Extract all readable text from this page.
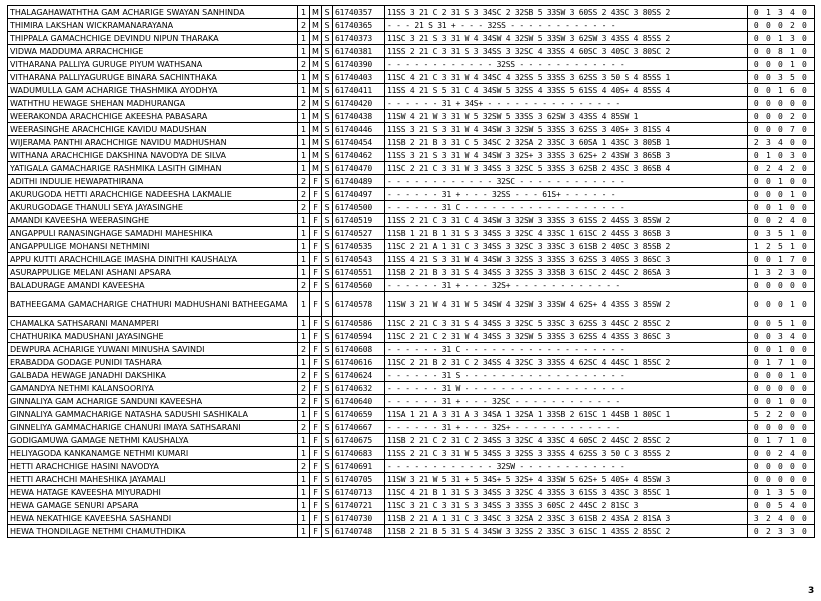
THALAGAHAWATHTHA GAM ACHARIGE SWAYAN SANHINDA	1	M	S	61740357	11SS 3 21 C 2 31 S 3 34SC 2 32SB 5 33SW 3 60SS 2 43SC 3 80SS 2	0 1 3 4 0
THIMIRA LAKSHAN WICKRAMANARAYANA	2	M	S	61740365	- - - 21 S 31 + - - - 32SS - - - - - - - - - - - -	0 0 0 2 0
THIPPALA GAMACHCHIGE DEVINDU NIPUN THARAKA	1	M	S	61740373	11SC 3 21 S 3 31 W 4 34SW 4 32SW 5 33SW 3 62SW 3 43SS 4 85SS 2	0 0 1 3 0
VIDWA MADDUMA ARRACHCHIGE	1	M	S	61740381	11SS 2 21 C 3 31 S 3 34SS 3 32SC 4 33SS 4 60SC 3 40SC 3 80SC 2	0 0 8 1 0
VITHARANA PALLIYA GURUGE PIYUM WATHSANA	2	M	S	61740390	- - - - - - - - - - - - 32SS - - - - - - - - - - - -	0 0 0 1 0
VITHARANA PALLIYAGURUGE BINARA SACHINTHAKA	1	M	S	61740403	11SC 4 21 C 3 31 W 4 34SC 4 32SS 5 33SS 3 62SS 3 50 S 4 85SS 1	0 0 3 5 0
WADUMULLA GAM ACHARIGE THASHMIKA AYODHYA	1	M	S	61740411	11SS 4 21 S 5 31 C 4 34SW 5 32SS 4 33SS 5 61SS 4 40S+ 4 85SS 4	0 0 1 6 0
WATHTHU HEWAGE SHEHAN MADHURANGA	2	M	S	61740420	- - - - - - 31 + 34S+ - - - - - - - - - - - - - - -	0 0 0 0 0
WEERAKONDA ARACHCHIGE AKEESHA PABASARA	1	M	S	61740438	11SW 4 21 W 3 31 W 5 32SW 5 33SS 3 62SW 3 43SS 4 85SW 1	0 0 0 2 0
WEERASINGHE ARACHCHIGE KAVIDU MADUSHAN	1	M	S	61740446	11SS 3 21 S 3 31 W 4 34SW 3 32SW 5 33SS 3 62SS 3 40S+ 3 81SS 4	0 0 0 7 0
WIJERAMA PANTHI ARACHCHIGE NAVIDU MADHUSHAN	1	M	S	61740454	11SB 2 21 B 3 31 C 5 34SC 2 32SA 2 33SC 3 60SA 1 43SC 3 80SB 1	2 3 4 0 0
WITHANA ARACHCHIGE DAKSHINA NAVODYA DE SILVA	1	M	S	61740462	11SS 3 21 S 3 31 W 4 34SW 3 32S+ 3 33SS 3 62S+ 2 43SW 3 86SB 3	0 1 0 3 0
YATIGALA GAMACHARIGE RASHMIKA LASITH GIMHAN	1	M	S	61740470	11SC 2 21 C 3 31 W 3 34SS 3 32SC 5 33SS 3 62SB 2 43SC 3 86SB 4	0 2 4 2 0
ADITHI INDULIE HEWAPATHIRANA	2	F	S	61740489	- - - - - - - - - - - - 32SC - - - - - - - - - - - -	0 0 1 0 0
AKURUGODA HETTI ARACHCHIGE NADEESHA LAKMALIE	2	F	S	61740497	- - - - - - 31 + - - - 32SS - - - 61S+ - - - - - -	0 0 0 1 0
AKURUGODAGE THANULI SEYA JAYASINGHE	2	F	S	61740500	- - - - - - 31 C - - - - - - - - - - - - - - - - - -	0 0 1 0 0
AMANDI KAVEESHA WEERASINGHE	1	F	S	61740519	11SS 2 21 C 3 31 C 4 34SW 3 32SW 3 33SS 3 61SS 2 44SS 3 85SW 2	0 0 2 4 0
ANGAPPULI RANASINGHAGE SAMADHI MAHESHIKA	1	F	S	61740527	11SB 1 21 B 1 31 S 3 34SS 3 32SC 4 33SC 1 61SC 2 44SS 3 86SB 3	0 3 5 1 0
ANGAPPULIGE MOHANSI NETHMINI	1	F	S	61740535	11SC 2 21 A 1 31 C 3 34SS 3 32SC 3 33SC 3 61SB 2 40SC 3 85SB 2	1 2 5 1 0
APPU KUTTI ARACHCHILAGE IMASHA DINITHI KAUSHALYA	1	F	S	61740543	11SS 4 21 S 3 31 W 4 34SW 3 32SS 3 33SS 3 62SS 3 40SS 3 86SC 3	0 0 1 7 0
ASURAPPULIGE MELANI ASHANI APSARA	1	F	S	61740551	11SB 2 21 B 3 31 S 4 34SS 3 32SS 3 33SB 3 61SC 2 44SC 2 86SA 3	1 3 2 3 0
BALADURAGE AMANDI KAVEESHA	2	F	S	61740560	- - - - - - 31 + - - - 32S+ - - - - - - - - - - - -	0 0 0 0 0
BATHEEGAMA GAMACHARIGE CHATHURI MADHUSHANI BATHEEGAMA	1	F	S	61740578	11SW 3 21 W 4 31 W 5 34SW 4 32SW 3 33SW 4 62S+ 4 43SS 3 85SW 2	0 0 0 1 0
CHAMALKA SATHSARANI MANAMPERI	1	F	S	61740586	11SC 2 21 C 3 31 S 4 34SS 3 32SC 5 33SC 3 62SS 3 44SC 2 85SC 2	0 0 5 1 0
CHATHURIKA MADUSHANI JAYASINGHE	1	F	S	61740594	11SC 2 21 C 2 31 W 4 34SS 3 32SW 5 33SS 3 62SS 4 43SS 3 86SC 3	0 0 3 4 0
DEWPURA ACHARIGE YUWANI MINUSHA SAVINDI	2	F	S	61740608	- - - - - - 31 C - - - - - - - - - - - - - - - - - -	0 0 1 0 0
ERABADDA GODAGE PUNIDI TASHARA	1	F	S	61740616	11SC 2 21 B 2 31 C 2 34SS 4 32SC 3 33SS 4 62SC 4 44SC 1 85SC 2	0 1 7 1 0
GALBADA HEWAGE JANADHI DAKSHIKA	2	F	S	61740624	- - - - - - 31 S - - - - - - - - - - - - - - - - - -	0 0 0 1 0
GAMANDYA NETHMI KALANSOORIYA	2	F	S	61740632	- - - - - - 31 W - - - - - - - - - - - - - - - - - -	0 0 0 0 0
GINNALIYA GAM ACHARIGE SANDUNI KAVEESHA	2	F	S	61740640	- - - - - - 31 + - - - 32SC - - - - - - - - - - - -	0 0 1 0 0
GINNALIYA GAMMACHARIGE NATASHA SADUSHI SASHIKALA	1	F	S	61740659	11SA 1 21 A 3 31 A 3 34SA 1 32SA 1 33SB 2 61SC 1 44SB 1 80SC 1	5 2 2 0 0
GINNELIYA GAMMACHARIGE CHANURI IMAYA SATHSARANI	2	F	S	61740667	- - - - - - 31 + - - - 32S+ - - - - - - - - - - - -	0 0 0 0 0
GODIGAMUWA GAMAGE NETHMI KAUSHALYA	1	F	S	61740675	11SB 2 21 C 2 31 C 2 34SS 3 32SC 4 33SC 4 60SC 2 44SC 2 85SC 2	0 1 7 1 0
HELIYAGODA KANKANAMGE NETHMI KUMARI	1	F	S	61740683	11SS 2 21 C 3 31 W 5 34SS 3 32SS 3 33SS 4 62SS 3 50 C 3 85SS 2	0 0 2 4 0
HETTI ARACHCHIGE HASINI NAVODYA	2	F	S	61740691	- - - - - - - - - - - - 32SW - - - - - - - - - - - -	0 0 0 0 0
HETTI ARACHCHI MAHESHIKA JAYAMALI	1	F	S	61740705	11SW 3 21 W 5 31 + 5 34S+ 5 32S+ 4 33SW 5 62S+ 5 40S+ 4 85SW 3	0 0 0 0 0
HEWA HATAGE KAVEESHA MIYURADHI	1	F	S	61740713	11SC 4 21 B 1 31 S 3 34SS 3 32SC 4 33SS 3 61SS 3 43SC 3 85SC 1	0 1 3 5 0
HEWA GAMAGE SENURI APSARA	1	F	S	61740721	11SC 3 21 C 3 31 S 3 34SS 3 33SS 3 60SC 2 44SC 2 81SC 3	0 0 5 4 0
HEWA NEKATHIGE KAVEESHA SASHANDI	1	F	S	61740730	11SB 2 21 A 1 31 C 3 34SC 3 32SA 2 33SC 3 61SB 2 43SA 2 81SA 3	3 2 4 0 0
HEWA THONDILAGE NETHMI CHAMUTHDIKA	1	F	S	61740748	11SB 2 21 B 5 31 S 4 34SW 3 32SS 2 33SC 3 61SC 1 43SS 2 85SC 2	0 2 3 3 0
3
